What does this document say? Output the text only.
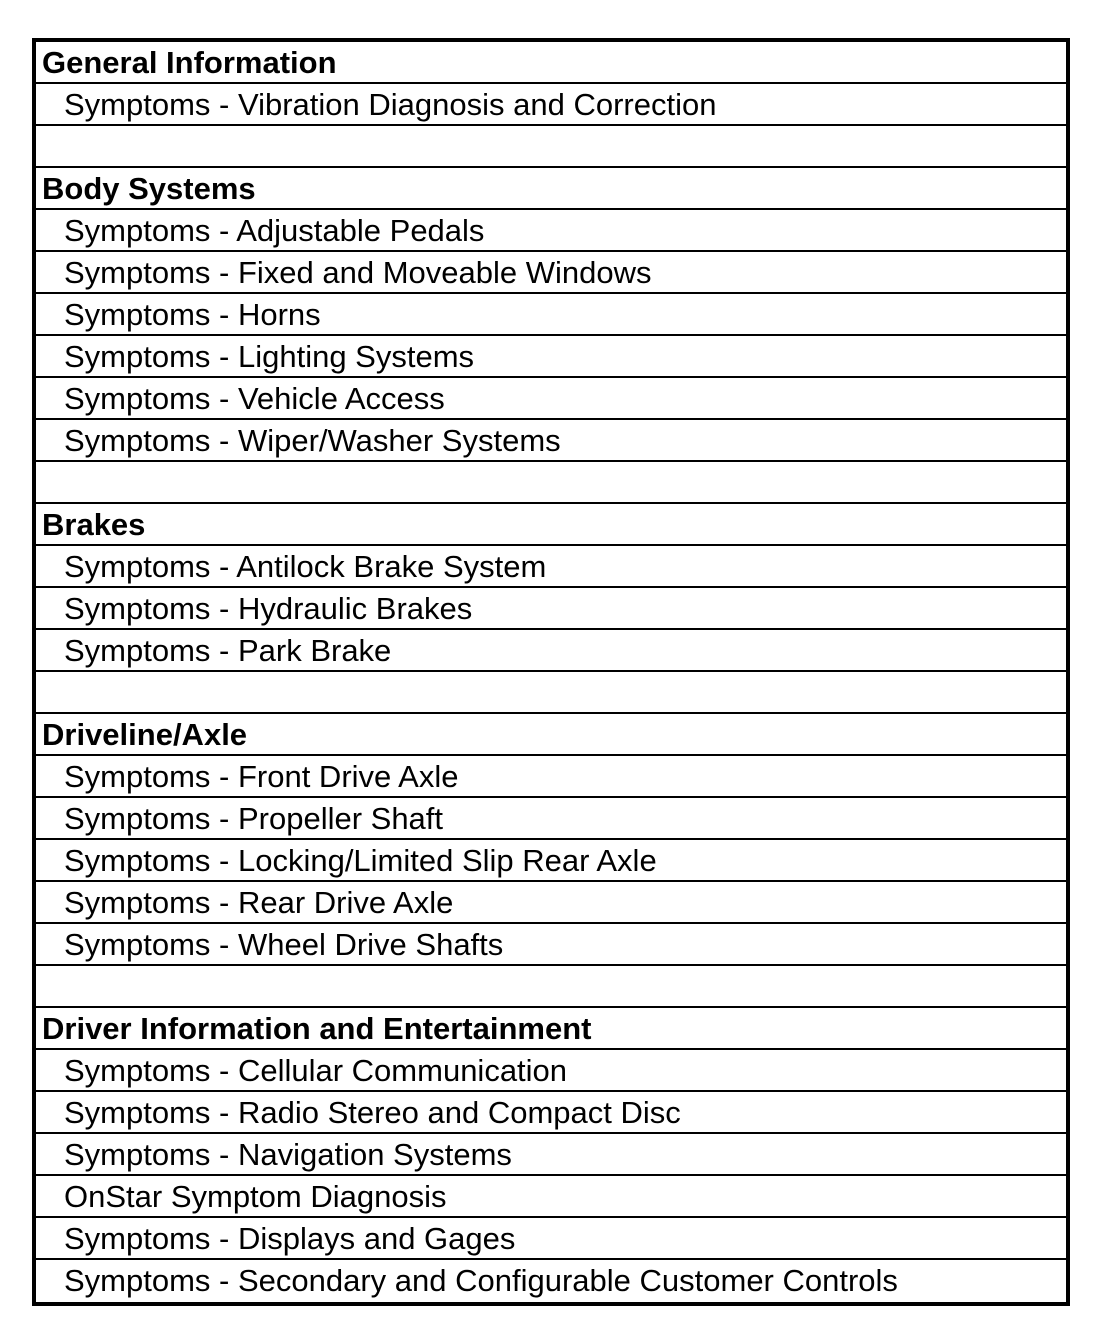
General Information
Symptoms - Vibration Diagnosis and Correction
Body Systems
Symptoms - Adjustable Pedals
Symptoms - Fixed and Moveable Windows
Symptoms - Horns
Symptoms - Lighting Systems
Symptoms - Vehicle Access
Symptoms - Wiper/Washer Systems
Brakes
Symptoms - Antilock Brake System
Symptoms - Hydraulic Brakes
Symptoms - Park Brake
Driveline/Axle
Symptoms - Front Drive Axle
Symptoms - Propeller Shaft
Symptoms - Locking/Limited Slip Rear Axle
Symptoms - Rear Drive Axle
Symptoms - Wheel Drive Shafts
Driver Information and Entertainment
Symptoms - Cellular Communication
Symptoms - Radio Stereo and Compact Disc
Symptoms - Navigation Systems
OnStar Symptom Diagnosis
Symptoms - Displays and Gages
Symptoms - Secondary and Configurable Customer Controls
